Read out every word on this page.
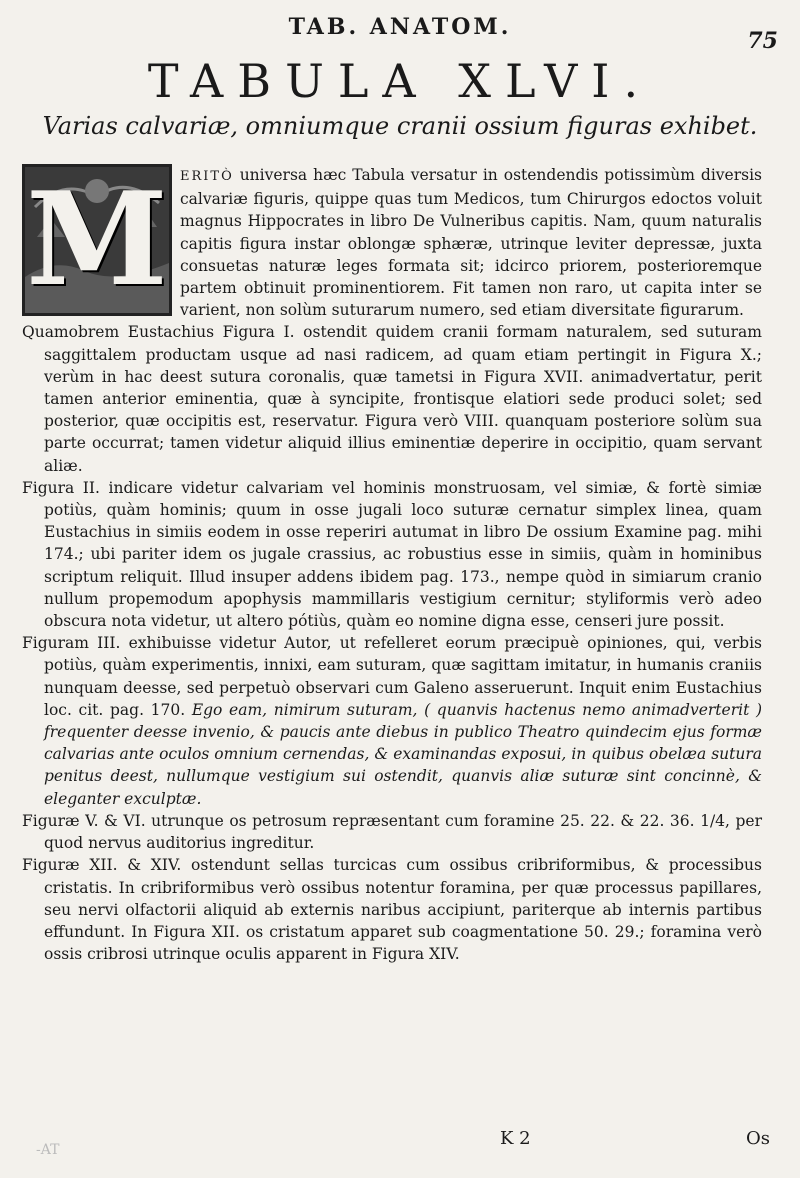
TAB. ANATOM.
75
TABULA XLVI.
Varias calvariæ, omniumque cranii ossium figuras exhibet.
M ERITÒ universa hæc Tabula versatur in ostendendis potissimùm diversis calvariæ figuris, quippe quas tum Medicos, tum Chirurgos edoctos voluit magnus Hippocrates in libro De Vulneribus capitis. Nam, quum naturalis capitis figura instar oblongæ sphæræ, utrinque leviter depressæ, juxta consuetas naturæ leges formata sit; idcirco priorem, posterioremque partem obtinuit prominentiorem. Fit tamen non raro, ut capita inter se varient, non solùm suturarum numero, sed etiam diversitate figurarum.

Quamobrem Eustachius Figura I. ostendit quidem cranii formam naturalem, sed suturam saggittalem productam usque ad nasi radicem, ad quam etiam pertingit in Figura X.; verùm in hac deest sutura coronalis, quæ tametsi in Figura XVII. animadvertatur, perit tamen anterior eminentia, quæ à syncipite, frontisque elatiori sede produci solet; sed posterior, quæ occipitis est, reservatur. Figura verò VIII. quanquam posteriore solùm sua parte occurrat; tamen videtur aliquid illius eminentiæ deperire in occipitio, quam servant aliæ.

Figura II. indicare videtur calvariam vel hominis monstruosam, vel simiæ, & fortè simiæ potiùs, quàm hominis; quum in osse jugali loco suturæ cernatur simplex linea, quam Eustachius in simiis eodem in osse reperiri autumat in libro De ossium Examine pag. mihi 174.; ubi pariter idem os jugale crassius, ac robustius esse in simiis, quàm in hominibus scriptum reliquit. Illud insuper addens ibidem pag. 173., nempe quòd in simiarum cranio nullum propemodum apophysis mammillaris vestigium cernitur; styliformis verò adeo obscura nota videtur, ut altero pótiùs, quàm eo nomine digna esse, censeri jure possit.

Figuram III. exhibuisse videtur Autor, ut refelleret eorum præcipuè opiniones, qui, verbis potiùs, quàm experimentis, innixi, eam suturam, quæ sagittam imitatur, in humanis craniis nunquam deesse, sed perpetuò observari cum Galeno asseruerunt. Inquit enim Eustachius loc. cit. pag. 170. Ego eam, nimirum suturam, ( quanvis hactenus nemo animadverterit ) frequenter deesse invenio, & paucis ante diebus in publico Theatro quindecim ejus formæ calvarias ante oculos omnium cernendas, & examinandas exposui, in quibus obelæa sutura penitus deest, nullumque vestigium sui ostendit, quanvis aliæ suturæ sint concinnè, & eleganter exculptæ.

Figuræ V. & VI. utrunque os petrosum repræsentant cum foramine 25. 22. & 22. 36. 1/4, per quod nervus auditorius ingreditur.

Figuræ XII. & XIV. ostendunt sellas turcicas cum ossibus cribriformibus, & processibus cristatis. In cribriformibus verò ossibus notentur foramina, per quæ processus papillares, seu nervi olfactorii aliquid ab externis naribus accipiunt, pariterque ab internis partibus effundunt. In Figura XII. os cristatum apparet sub coagmentatione 50. 29.; foramina verò ossis cribrosi utrinque oculis apparent in Figura XIV.

-AT
K 2	Os
